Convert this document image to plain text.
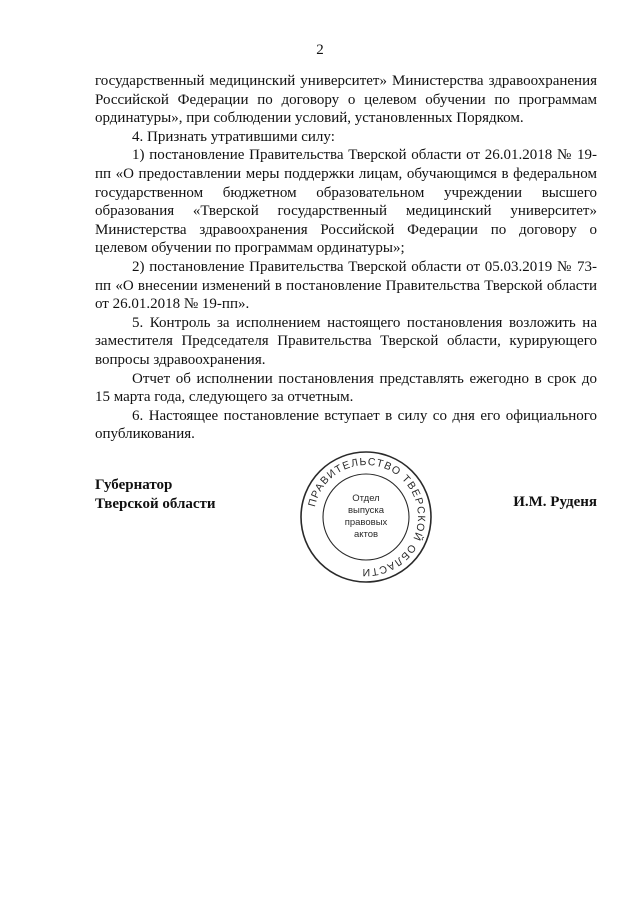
2

государственный медицинский университет» Министерства здравоохранения Российской Федерации по договору о целевом обучении по программам ординатуры», при соблюдении условий, установленных Порядком.

4. Признать утратившими силу:

1) постановление Правительства Тверской области от 26.01.2018 № 19-пп «О предоставлении меры поддержки лицам, обучающимся в федеральном государственном бюджетном образовательном учреждении высшего образования «Тверской государственный медицинский университет» Министерства здравоохранения Российской Федерации по договору о целевом обучении по программам ординатуры»;

2) постановление Правительства Тверской области от 05.03.2019 № 73-пп «О внесении изменений в постановление Правительства Тверской области от 26.01.2018 № 19-пп».

5. Контроль за исполнением настоящего постановления возложить на заместителя Председателя Правительства Тверской области, курирующего вопросы здравоохранения.

Отчет об исполнении постановления представлять ежегодно в срок до 15 марта года, следующего за отчетным.

6. Настоящее постановление вступает в силу со дня его официального опубликования.

Губернатор
Тверской области	ПРАВИТЕЛЬСТВО ТВЕРСКОЙ ОБЛАСТИ
Отдел
выпуска
правовых
актов
И.М. Руденя
